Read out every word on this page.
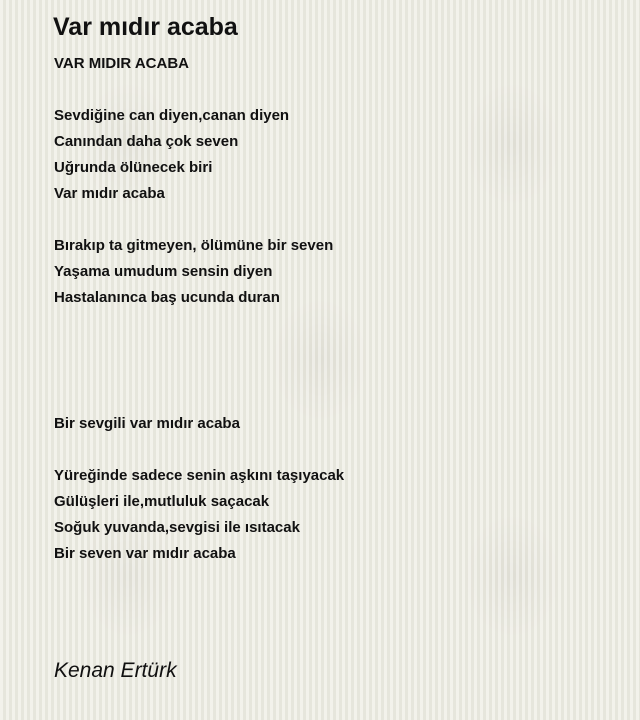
Var mıdır acaba
VAR MIDIR ACABA
Sevdiğine can diyen,canan diyen
Canından daha çok seven
Uğrunda ölünecek biri
Var mıdır acaba
Bırakıp ta gitmeyen, ölümüne bir seven
Yaşama umudum sensin diyen
Hastalanınca baş ucunda duran
Bir sevgili var mıdır acaba
Yüreğinde sadece senin aşkını taşıyacak
Gülüşleri ile,mutluluk saçacak
Soğuk yuvanda,sevgisi ile ısıtacak
Bir seven var mıdır acaba
Kenan Ertürk
